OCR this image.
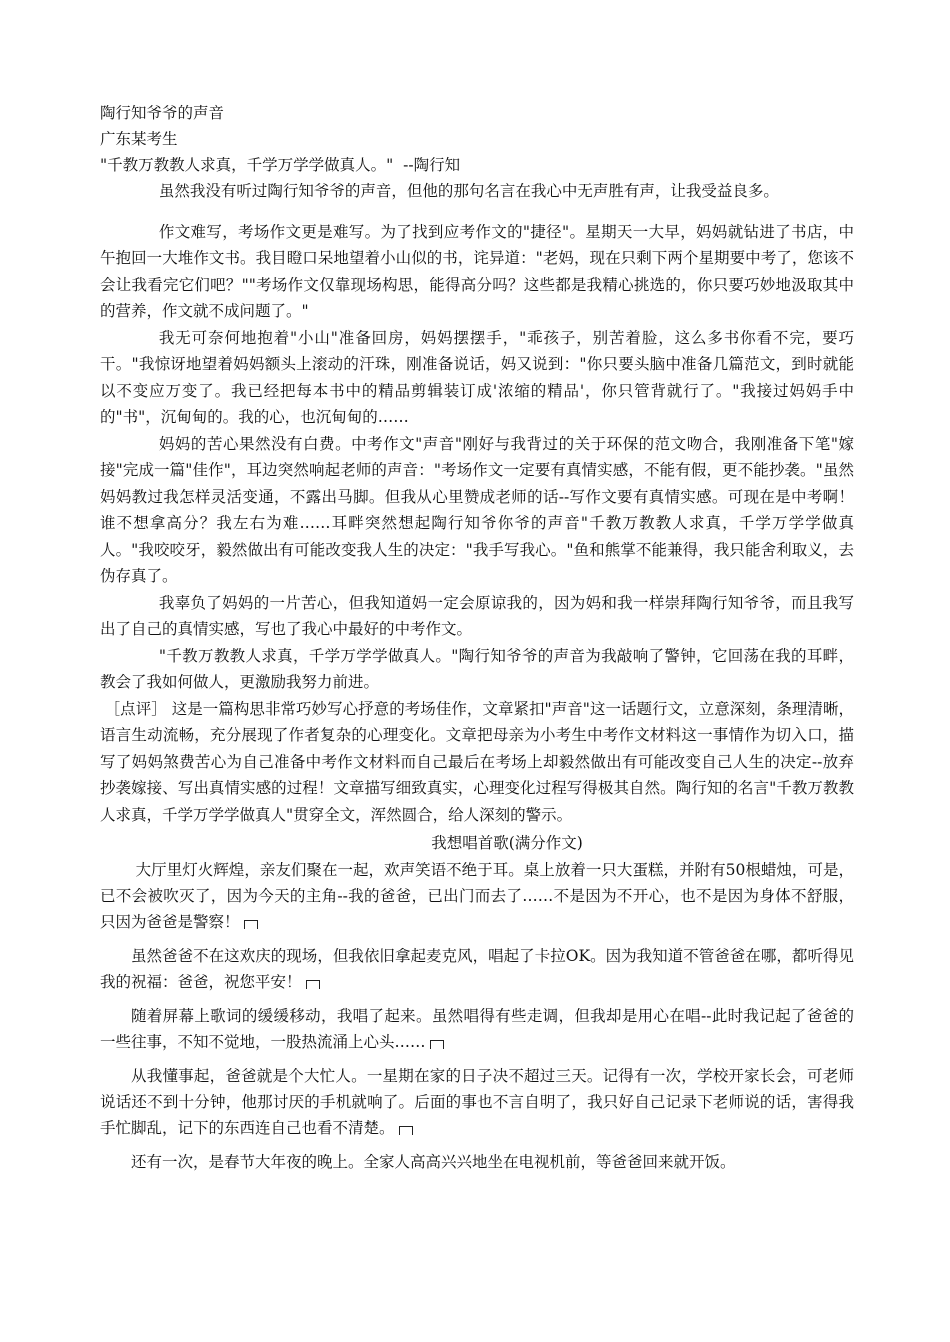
陶行知爷爷的声音
广东某考生
"千教万教教人求真，千学万学学做真人。"  --陶行知

虽然我没有听过陶行知爷爷的声音，但他的那句名言在我心中无声胜有声，让我受益良多。

作文难写，考场作文更是难写。为了找到应考作文的"捷径"。星期天一大早，妈妈就钻进了书店，中午抱回一大堆作文书。我目瞪口呆地望着小山似的书，诧异道："老妈，现在只剩下两个星期要中考了，您该不会让我看完它们吧？""考场作文仅靠现场构思，能得高分吗？这些都是我精心挑选的，你只要巧妙地汲取其中的营养，作文就不成问题了。"

我无可奈何地抱着"小山"准备回房，妈妈摆摆手，"乖孩子，别苦着脸，这么多书你看不完，要巧干。"我惊讶地望着妈妈额头上滚动的汗珠，刚准备说话，妈又说到："你只要头脑中准备几篇范文，到时就能以不变应万变了。我已经把每本书中的精品剪辑装订成'浓缩的精品'，你只管背就行了。"我接过妈妈手中的"书"，沉甸甸的。我的心，也沉甸甸的……

妈妈的苦心果然没有白费。中考作文"声音"刚好与我背过的关于环保的范文吻合，我刚准备下笔"嫁接"完成一篇"佳作"，耳边突然响起老师的声音："考场作文一定要有真情实感，不能有假，更不能抄袭。"虽然妈妈教过我怎样灵活变通，不露出马脚。但我从心里赞成老师的话--写作文要有真情实感。可现在是中考啊！谁不想拿高分？我左右为难……耳畔突然想起陶行知爷你爷的声音"千教万教教人求真，千学万学学做真人。"我咬咬牙，毅然做出有可能改变我人生的决定："我手写我心。"鱼和熊掌不能兼得，我只能舍利取义，去伪存真了。

我辜负了妈妈的一片苦心，但我知道妈一定会原谅我的，因为妈和我一样崇拜陶行知爷爷，而且我写出了自己的真情实感，写也了我心中最好的中考作文。

"千教万教教人求真，千学万学学做真人。"陶行知爷爷的声音为我敲响了警钟，它回荡在我的耳畔，教会了我如何做人，更激励我努力前进。

［点评］ 这是一篇构思非常巧妙写心抒意的考场佳作，文章紧扣"声音"这一话题行文，立意深刻，条理清晰，语言生动流畅，充分展现了作者复杂的心理变化。文章把母亲为小考生中考作文材料这一事情作为切入口，描写了妈妈煞费苦心为自己准备中考作文材料而自己最后在考场上却毅然做出有可能改变自己人生的决定--放弃抄袭嫁接、写出真情实感的过程！文章描写细致真实，心理变化过程写得极其自然。陶行知的名言"千教万教教人求真，千学万学学做真人"贯穿全文，浑然圆合，给人深刻的警示。

我想唱首歌(满分作文)

大厅里灯火辉煌，亲友们聚在一起，欢声笑语不绝于耳。桌上放着一只大蛋糕，并附有50根蜡烛，可是，已不会被吹灭了，因为今天的主角--我的爸爸，已出门而去了……不是因为不开心，也不是因为身体不舒服，只因为爸爸是警察！

虽然爸爸不在这欢庆的现场，但我依旧拿起麦克风，唱起了卡拉OK。因为我知道不管爸爸在哪，都听得见我的祝福：爸爸，祝您平安！

随着屏幕上歌词的缓缓移动，我唱了起来。虽然唱得有些走调，但我却是用心在唱--此时我记起了爸爸的一些往事，不知不觉地，一股热流涌上心头……

从我懂事起，爸爸就是个大忙人。一星期在家的日子决不超过三天。记得有一次，学校开家长会，可老师说话还不到十分钟，他那讨厌的手机就响了。后面的事也不言自明了，我只好自己记录下老师说的话，害得我手忙脚乱，记下的东西连自己也看不清楚。

还有一次，是春节大年夜的晚上。全家人高高兴兴地坐在电视机前，等爸爸回来就开饭。
